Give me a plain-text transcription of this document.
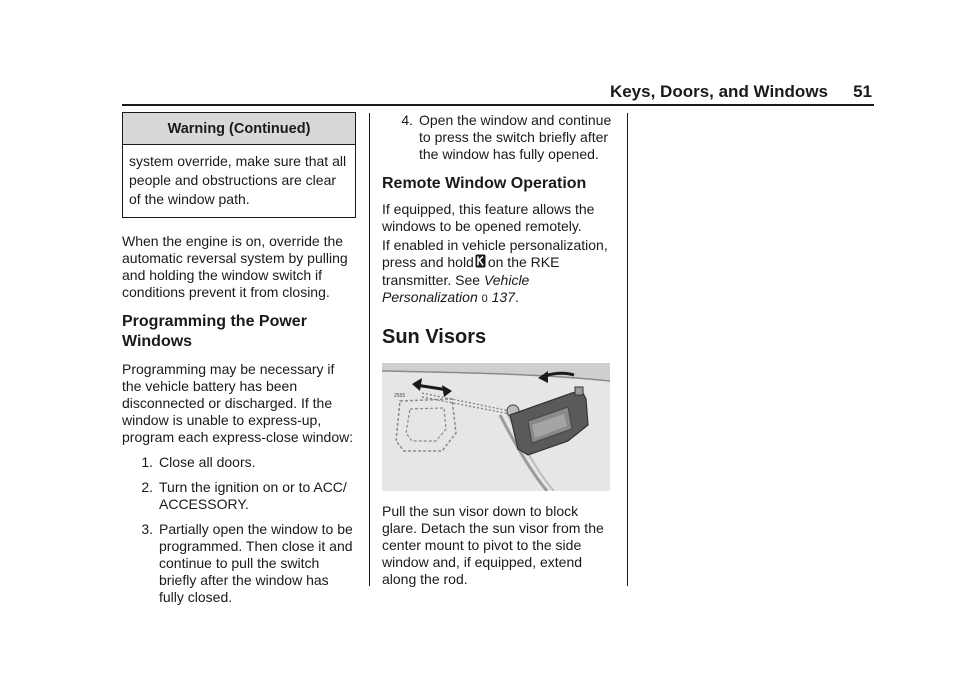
Keys, Doors, and Windows 51
Warning (Continued)
system override, make sure that all people and obstructions are clear of the window path.

When the engine is on, override the automatic reversal system by pulling and holding the window switch if conditions prevent it from closing.

Programming the Power Windows

Programming may be necessary if the vehicle battery has been disconnected or discharged. If the window is unable to express-up, program each express-close window:

1. Close all doors.
2. Turn the ignition on or to ACC/ ACCESSORY.
3. Partially open the window to be programmed. Then close it and continue to pull the switch briefly after the window has fully closed.
4. Open the window and continue to press the switch briefly after the window has fully opened.
Remote Window Operation

If equipped, this feature allows the windows to be opened remotely.

If enabled in vehicle personalization, press and hold on the RKE transmitter. See Vehicle Personalization 0 137.

Sun Visors
2555

Pull the sun visor down to block glare. Detach the sun visor from the center mount to pivot to the side window and, if equipped, extend along the rod.
